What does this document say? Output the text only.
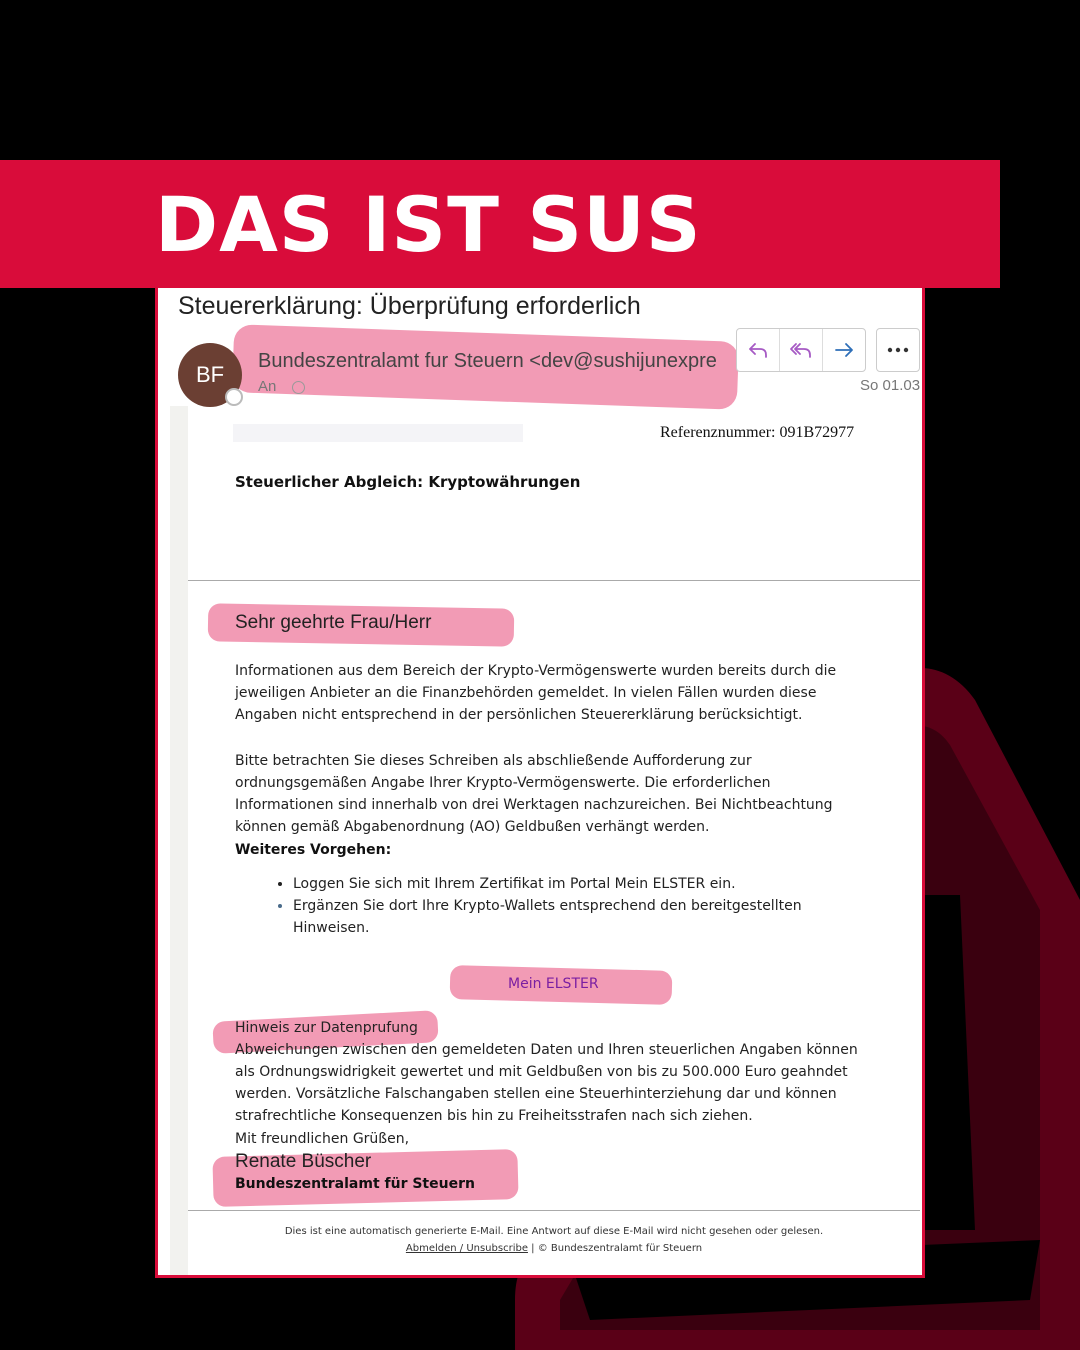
DAS IST SUS
Steuererklärung: Überprüfung erforderlich
BF
Bundeszentralamt fur Steuern <dev@sushijunexpre
An	So 01.03
Referenznummer: 091B72977
Steuerlicher Abgleich: Kryptowährungen
Sehr geehrte Frau/Herr

Informationen aus dem Bereich der Krypto-Vermögenswerte wurden bereits durch die jeweiligen Anbieter an die Finanzbehörden gemeldet. In vielen Fällen wurden diese Angaben nicht entsprechend in der persönlichen Steuererklärung berücksichtigt.

Bitte betrachten Sie dieses Schreiben als abschließende Aufforderung zur ordnungsgemäßen Angabe Ihrer Krypto-Vermögenswerte. Die erforderlichen Informationen sind innerhalb von drei Werktagen nachzureichen. Bei Nichtbeachtung können gemäß Abgabenordnung (AO) Geldbußen verhängt werden.

Weiteres Vorgehen:
• Loggen Sie sich mit Ihrem Zertifikat im Portal Mein ELSTER ein.
• Ergänzen Sie dort Ihre Krypto-Wallets entsprechend den bereitgestellten Hinweisen.
Mein ELSTER
Hinweis zur Datenprufung

Abweichungen zwischen den gemeldeten Daten und Ihren steuerlichen Angaben können als Ordnungswidrigkeit gewertet und mit Geldbußen von bis zu 500.000 Euro geahndet werden. Vorsätzliche Falschangaben stellen eine Steuerhinterziehung dar und können strafrechtliche Konsequenzen bis hin zu Freiheitsstrafen nach sich ziehen.

Mit freundlichen Grüßen,
Renate Büscher
Bundeszentralamt für Steuern
Dies ist eine automatisch generierte E-Mail. Eine Antwort auf diese E-Mail wird nicht gesehen oder gelesen.
Abmelden / Unsubscribe | © Bundeszentralamt für Steuern
